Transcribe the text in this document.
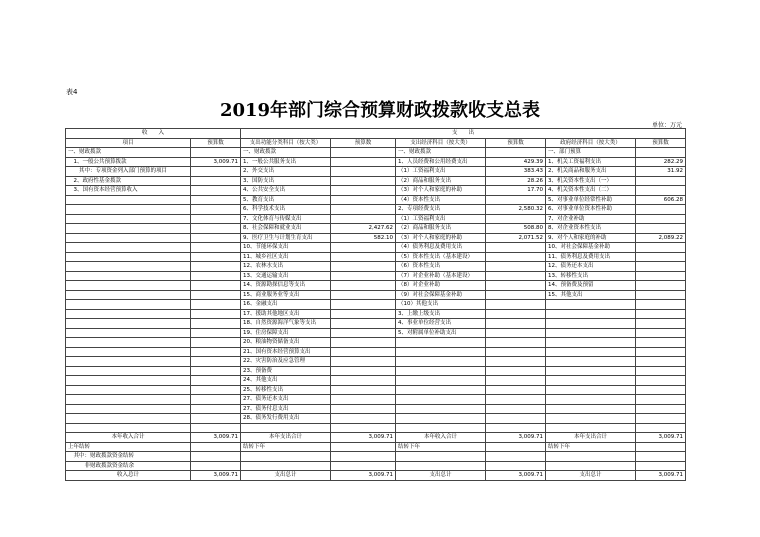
表4
2019年部门综合预算财政拨款收支总表
单位：万元
收　　入		支　　出					
项目	预算数	支出功能分类科目（按大类）	预算数	支出经济科目（按大类）	预算数	政府经济科目（按大类）	预算数
一、财政拨款		一、财政拨款		一、财政拨款		一、部门预算	
　1、一般公共预算拨款	3,009.71	1、一般公共服务支出		1、人员经费和公用经费支出	429.39	1、机关工资福利支出	282.29
　　其中：专项资金列入部门预算的项目		2、外交支出		（1）工资福利支出	383.43	2、机关商品和服务支出	31.92
　2、政府性基金拨款		3、国防支出		（2）商品和服务支出	28.26	3、机关资本性支出（一）	
　3、国有资本经营预算收入		4、公共安全支出		（3）对个人和家庭的补助	17.70	4、机关资本性支出（二）	
		5、教育支出		（4）资本性支出		5、对事业单位经常性补助	606.28
		6、科学技术支出		2、专项经费支出	2,580.32	6、对事业单位资本性补助	
		7、文化体育与传媒支出		（1）工资福利支出		7、对企业补助	
		8、社会保障和就业支出	2,427.62	（2）商品和服务支出	508.80	8、对企业资本性支出	
		9、医疗卫生与计划生育支出	582.10	（3）对个人和家庭的补助	2,071.52	9、对个人和家庭的补助	2,089.22
		10、节能环保支出		（4）债务利息及费用支出		10、对社会保障基金补助	
		11、城乡社区支出		（5）资本性支出（基本建设）		11、债务利息及费用支出	
		12、农林水支出		（6）资本性支出		12、债务还本支出	
		13、交通运输支出		（7）对企业补助（基本建设）		13、转移性支出	
		14、资源勘探信息等支出		（8）对企业补助		14、预备费及预留	
		15、商业服务业等支出		（9）对社会保障基金补助		15、其他支出	
		16、金融支出		（10）其他支出			
		17、援助其他地区支出		3、上缴上级支出			
		18、自然资源海洋气象等支出		4、事业单位经营支出			
		19、住房保障支出		5、对附属单位补助支出			
		20、粮油物资储备支出					
		21、国有资本经营预算支出					
		22、灾害防治及应急管理					
		23、预备费					
		24、其他支出					
		25、转移性支出					
		27、债务还本支出					
		27、债务付息支出					
		28、债务发行费用支出					

本年收入合计	3,009.71	本年支出合计	3,009.71	本年收入合计	3,009.71	本年支出合计	3,009.71
上年结转		结转下年		结转下年		结转下年	
　其中：财政拨款资金结转							
　　　非财政拨款资金结余							
收入总计	3,009.71	支出总计	3,009.71	支出总计	3,009.71	支出总计	3,009.71
